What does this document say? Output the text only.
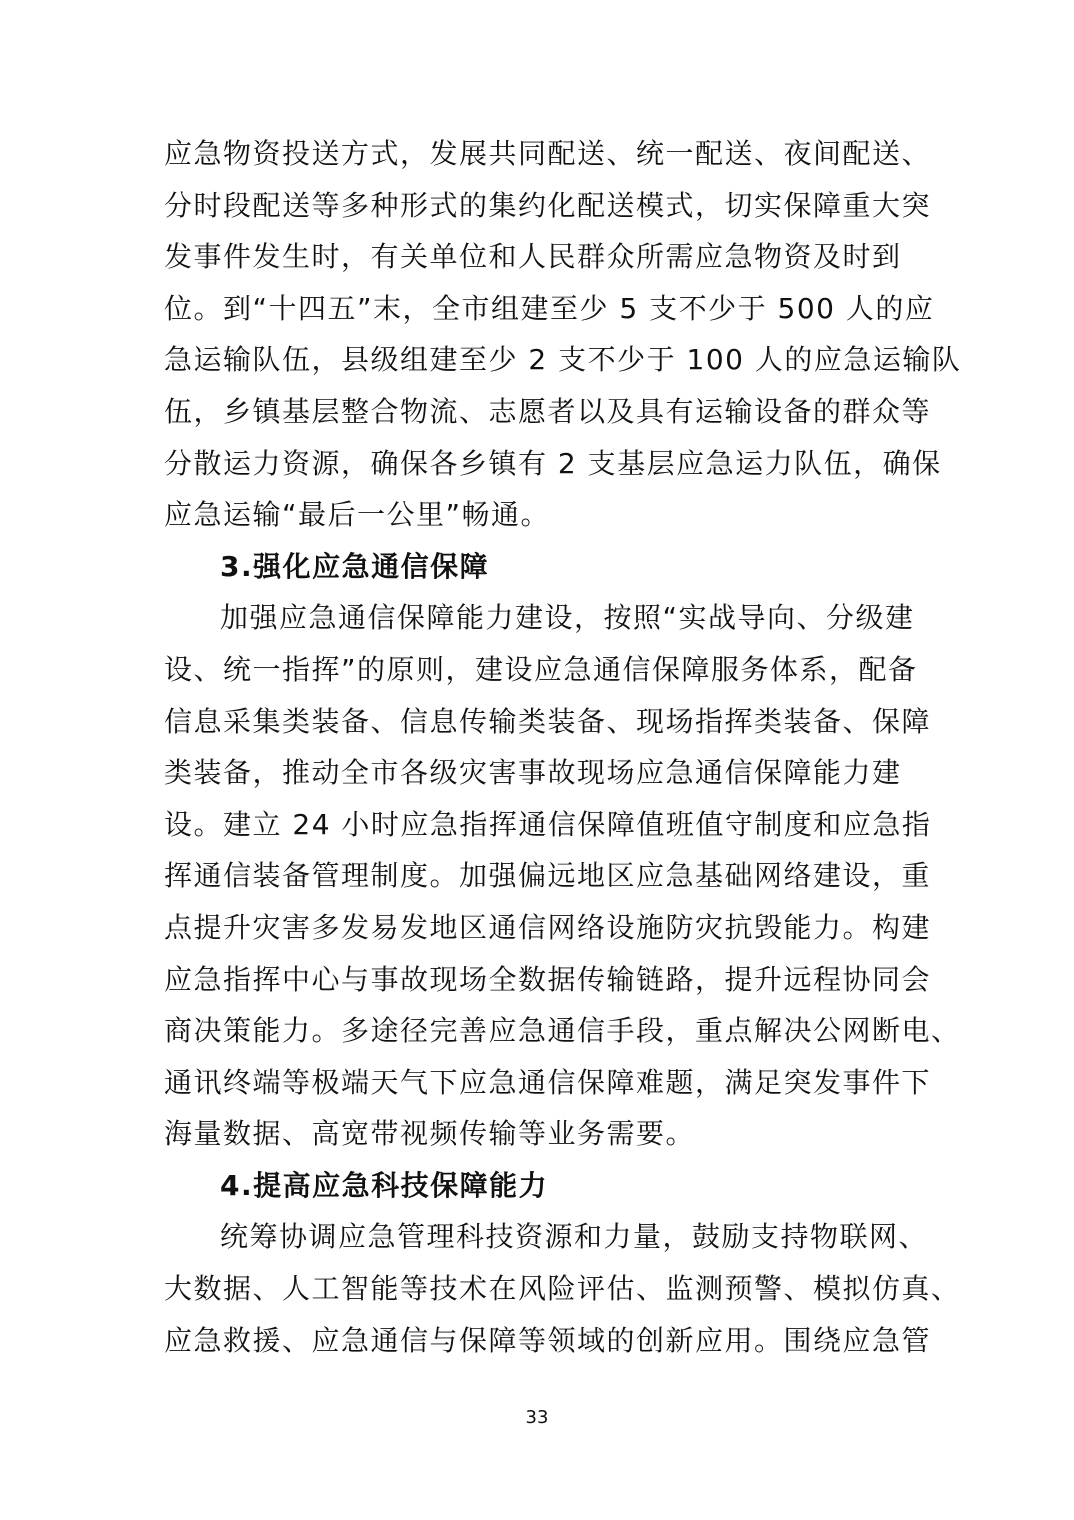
应急物资投送方式，发展共同配送、统一配送、夜间配送、
分时段配送等多种形式的集约化配送模式，切实保障重大突
发事件发生时，有关单位和人民群众所需应急物资及时到
位。到“十四五”末，全市组建至少 5 支不少于 500 人的应
急运输队伍，县级组建至少 2 支不少于 100 人的应急运输队
伍，乡镇基层整合物流、志愿者以及具有运输设备的群众等
分散运力资源，确保各乡镇有 2 支基层应急运力队伍，确保
应急运输“最后一公里”畅通。
3.强化应急通信保障
加强应急通信保障能力建设，按照“实战导向、分级建
设、统一指挥”的原则，建设应急通信保障服务体系，配备
信息采集类装备、信息传输类装备、现场指挥类装备、保障
类装备，推动全市各级灾害事故现场应急通信保障能力建
设。建立 24 小时应急指挥通信保障值班值守制度和应急指
挥通信装备管理制度。加强偏远地区应急基础网络建设，重
点提升灾害多发易发地区通信网络设施防灾抗毁能力。构建
应急指挥中心与事故现场全数据传输链路，提升远程协同会
商决策能力。多途径完善应急通信手段，重点解决公网断电、
通讯终端等极端天气下应急通信保障难题，满足突发事件下
海量数据、高宽带视频传输等业务需要。
4.提高应急科技保障能力
统筹协调应急管理科技资源和力量，鼓励支持物联网、
大数据、人工智能等技术在风险评估、监测预警、模拟仿真、
应急救援、应急通信与保障等领域的创新应用。围绕应急管
33
